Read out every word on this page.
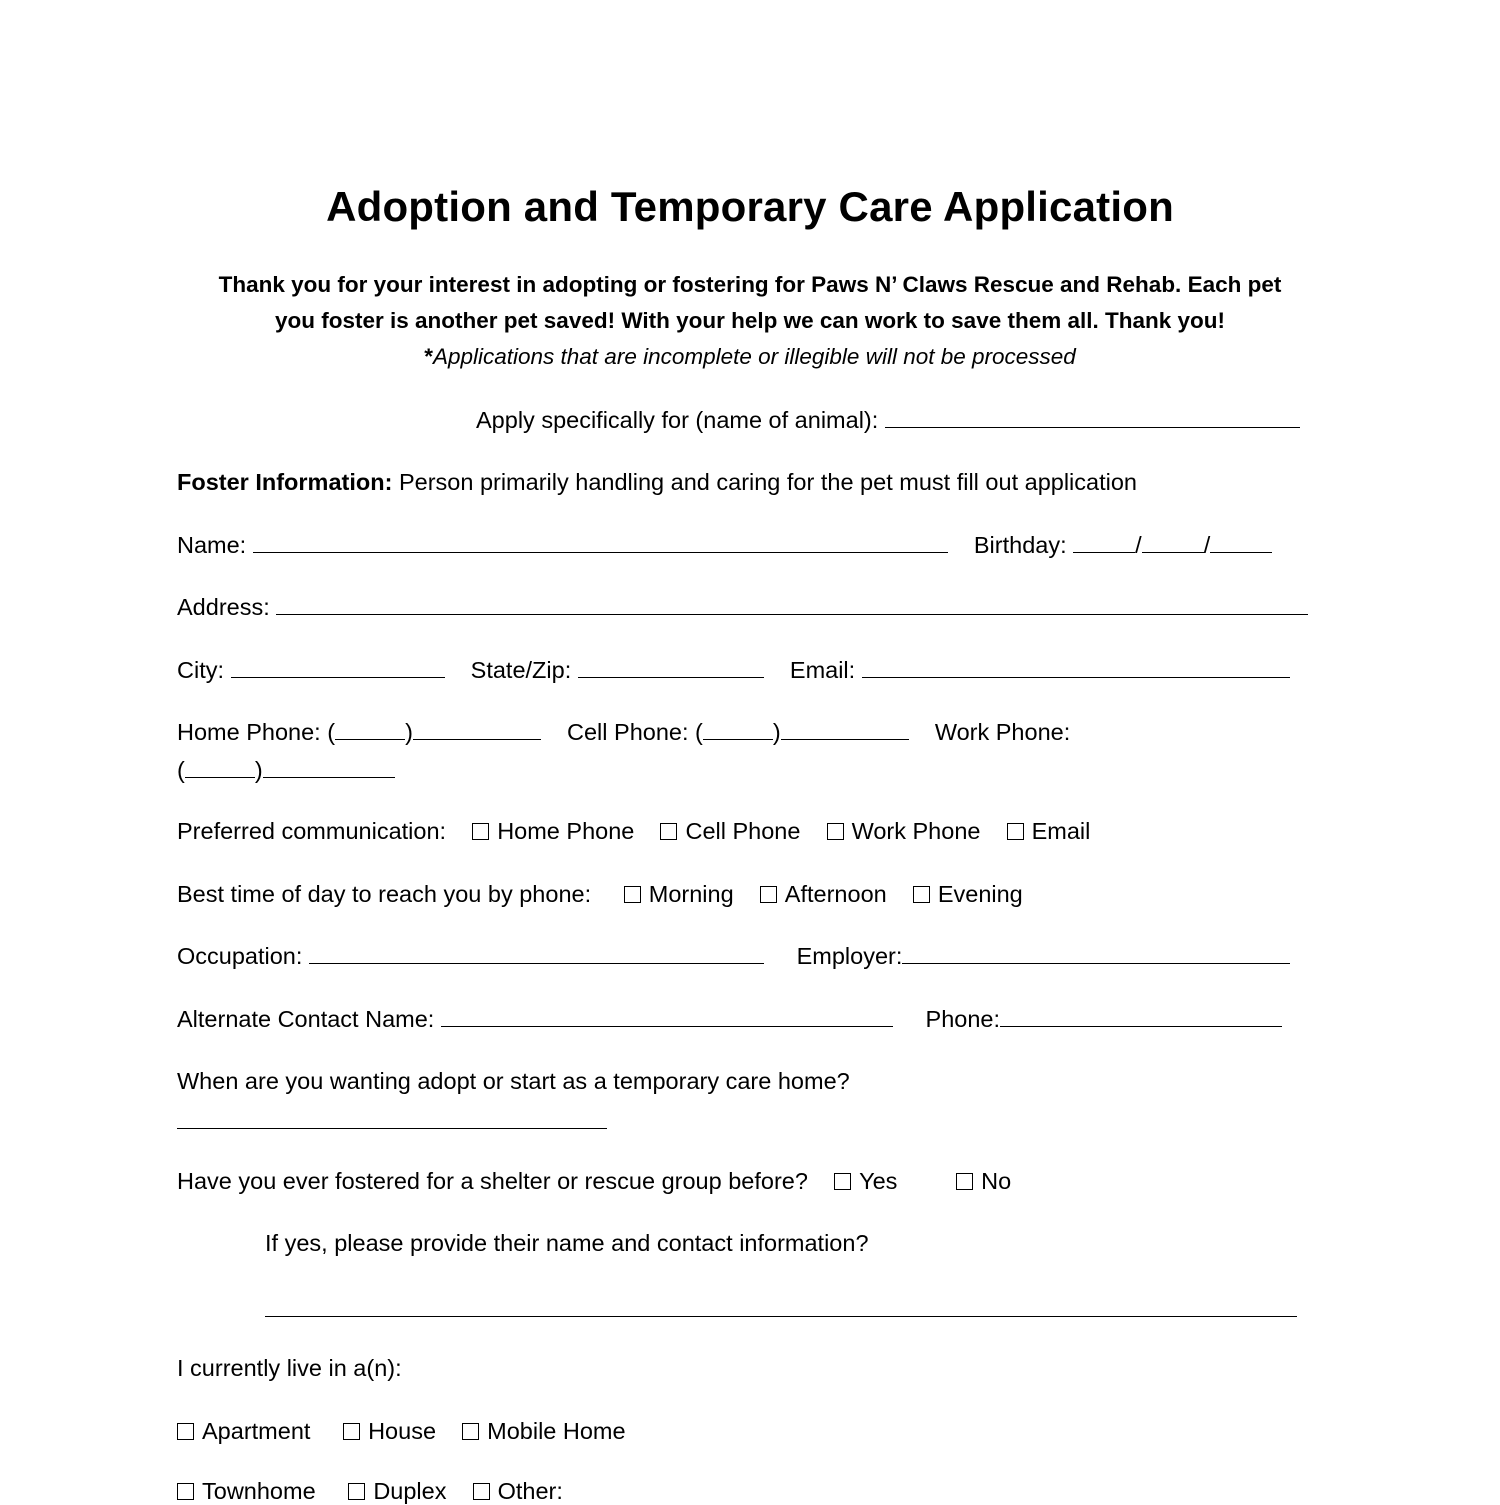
Adoption and Temporary Care Application
Thank you for your interest in adopting or fostering for Paws N’ Claws Rescue and Rehab. Each pet
you foster is another pet saved! With your help we can work to save them all. Thank you!
*Applications that are incomplete or illegible will not be processed
Apply specifically for (name of animal):
Foster Information: Person primarily handling and caring for the pet must fill out application
Name:	Birthday:	/	/
Address:
City:	State/Zip:	Email:
Home Phone: (	)	Cell Phone: (	)	Work Phone:
(	)
Preferred communication: Home Phone Cell Phone Work Phone Email
Best time of day to reach you by phone: Morning Afternoon Evening
Occupation:	Employer:
Alternate Contact Name:	Phone:
When are you wanting adopt or start as a temporary care home?
Have you ever fostered for a shelter or rescue group before? Yes	No
If yes, please provide their name and contact information?
I currently live in a(n):
Apartment House Mobile Home
Townhome Duplex Other:
